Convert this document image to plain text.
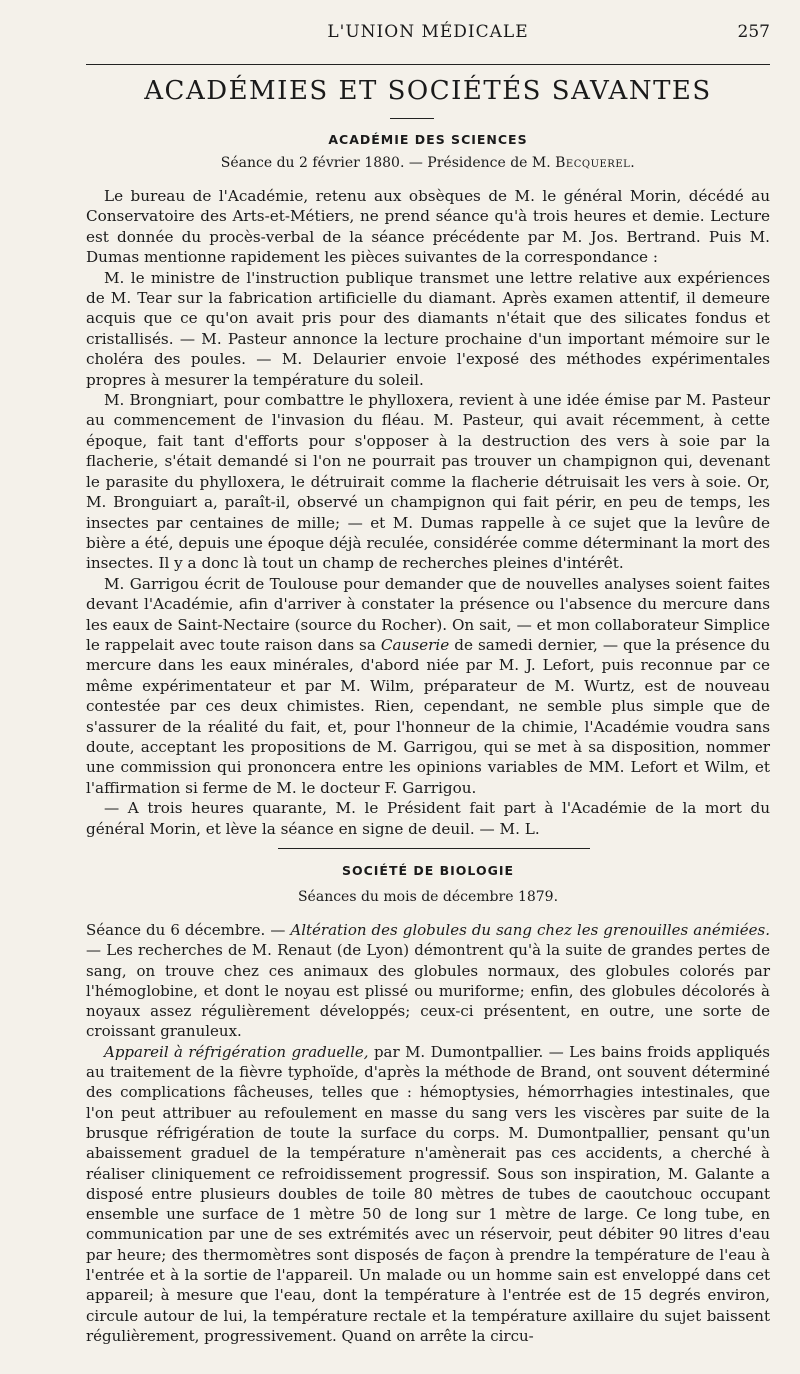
L'UNION MÉDICALE	257
ACADÉMIES ET SOCIÉTÉS SAVANTES
ACADÉMIE DES SCIENCES
Séance du 2 février 1880. — Présidence de M. Becquerel.

Le bureau de l'Académie, retenu aux obsèques de M. le général Morin, décédé au Conservatoire des Arts-et-Métiers, ne prend séance qu'à trois heures et demie. Lecture est donnée du procès-verbal de la séance précédente par M. Jos. Bertrand. Puis M. Dumas mentionne rapidement les pièces suivantes de la correspondance :

M. le ministre de l'instruction publique transmet une lettre relative aux expériences de M. Tear sur la fabrication artificielle du diamant. Après examen attentif, il demeure acquis que ce qu'on avait pris pour des diamants n'était que des silicates fondus et cristallisés. — M. Pasteur annonce la lecture prochaine d'un important mémoire sur le choléra des poules. — M. Delaurier envoie l'exposé des méthodes expérimentales propres à mesurer la température du soleil.

M. Brongniart, pour combattre le phylloxera, revient à une idée émise par M. Pasteur au commencement de l'invasion du fléau. M. Pasteur, qui avait récemment, à cette époque, fait tant d'efforts pour s'opposer à la destruction des vers à soie par la flacherie, s'était demandé si l'on ne pourrait pas trouver un champignon qui, devenant le parasite du phylloxera, le détruirait comme la flacherie détruisait les vers à soie. Or, M. Bronguiart a, paraît-il, observé un champignon qui fait périr, en peu de temps, les insectes par centaines de mille; — et M. Dumas rappelle à ce sujet que la levûre de bière a été, depuis une époque déjà reculée, considérée comme déterminant la mort des insectes. Il y a donc là tout un champ de recherches pleines d'intérêt.

M. Garrigou écrit de Toulouse pour demander que de nouvelles analyses soient faites devant l'Académie, afin d'arriver à constater la présence ou l'absence du mercure dans les eaux de Saint-Nectaire (source du Rocher). On sait, — et mon collaborateur Simplice le rappelait avec toute raison dans sa Causerie de samedi dernier, — que la présence du mercure dans les eaux minérales, d'abord niée par M. J. Lefort, puis reconnue par ce même expérimentateur et par M. Wilm, préparateur de M. Wurtz, est de nouveau contestée par ces deux chimistes. Rien, cependant, ne semble plus simple que de s'assurer de la réalité du fait, et, pour l'honneur de la chimie, l'Académie voudra sans doute, acceptant les propositions de M. Garrigou, qui se met à sa disposition, nommer une commission qui prononcera entre les opinions variables de MM. Lefort et Wilm, et l'affirmation si ferme de M. le docteur F. Garrigou.

— A trois heures quarante, M. le Président fait part à l'Académie de la mort du général Morin, et lève la séance en signe de deuil. — M. L.

SOCIÉTÉ DE BIOLOGIE
Séances du mois de décembre 1879.

Séance du 6 décembre. — Altération des globules du sang chez les grenouilles anémiées.— Les recherches de M. Renaut (de Lyon) démontrent qu'à la suite de grandes pertes de sang, on trouve chez ces animaux des globules normaux, des globules colorés par l'hémoglobine, et dont le noyau est plissé ou muriforme; enfin, des globules décolorés à noyaux assez régulièrement développés; ceux-ci présentent, en outre, une sorte de croissant granuleux.

Appareil à réfrigération graduelle, par M. Dumontpallier. — Les bains froids appliqués au traitement de la fièvre typhoïde, d'après la méthode de Brand, ont souvent déterminé des complications fâcheuses, telles que : hémoptysies, hémorrhagies intestinales, que l'on peut attribuer au refoulement en masse du sang vers les viscères par suite de la brusque réfrigération de toute la surface du corps. M. Dumontpallier, pensant qu'un abaissement graduel de la température n'amènerait pas ces accidents, a cherché à réaliser cliniquement ce refroidissement progressif. Sous son inspiration, M. Galante a disposé entre plusieurs doubles de toile 80 mètres de tubes de caoutchouc occupant ensemble une surface de 1 mètre 50 de long sur 1 mètre de large. Ce long tube, en communication par une de ses extrémités avec un réservoir, peut débiter 90 litres d'eau par heure; des thermomètres sont disposés de façon à prendre la température de l'eau à l'entrée et à la sortie de l'appareil. Un malade ou un homme sain est enveloppé dans cet appareil; à mesure que l'eau, dont la température à l'entrée est de 15 degrés environ, circule autour de lui, la température rectale et la température axillaire du sujet baissent régulièrement, progressivement. Quand on arrête la circu-
